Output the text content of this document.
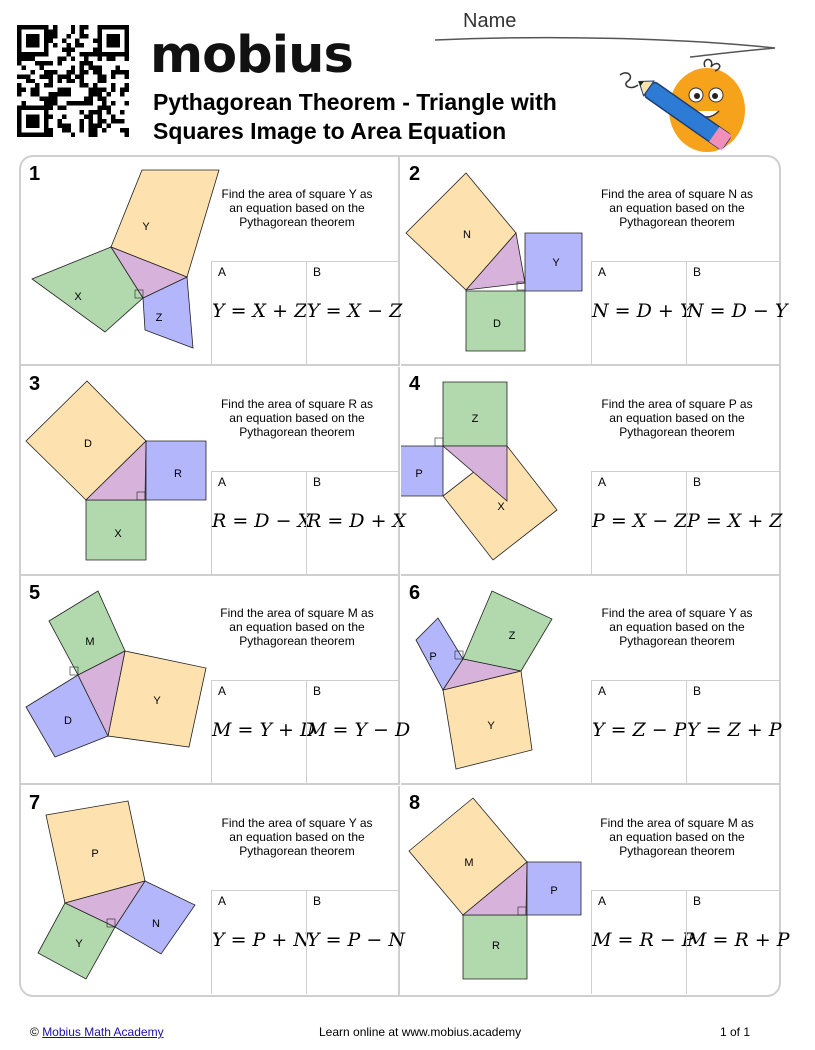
mobius
Pythagorean Theorem - Triangle with
Squares Image to Area Equation
Name
1
Y
X
Z
Find the area of square Y as an equation based on the Pythagorean theorem
A
Y = X + Z
B
Y = X − Z
2
N
Y
D
Find the area of square N as an equation based on the Pythagorean theorem
A
N = D + Y
B
N = D − Y
3
D
R
X
Find the area of square R as an equation based on the Pythagorean theorem
A
R = D − X
B
R = D + X
4
Z
P
X
Find the area of square P as an equation based on the Pythagorean theorem
A
P = X − Z
B
P = X + Z
5
M
D
Y
Find the area of square M as an equation based on the Pythagorean theorem
A
M = Y + D
B
M = Y − D
6
P
Z
Y
Find the area of square Y as an equation based on the Pythagorean theorem
A
Y = Z − P
B
Y = Z + P
7
P
Y
N
Find the area of square Y as an equation based on the Pythagorean theorem
A
Y = P + N
B
Y = P − N
8
M
P
R
Find the area of square M as an equation based on the Pythagorean theorem
A
M = R − P
B
M = R + P
© Mobius Math Academy	Learn online at www.mobius.academy	1 of 1
